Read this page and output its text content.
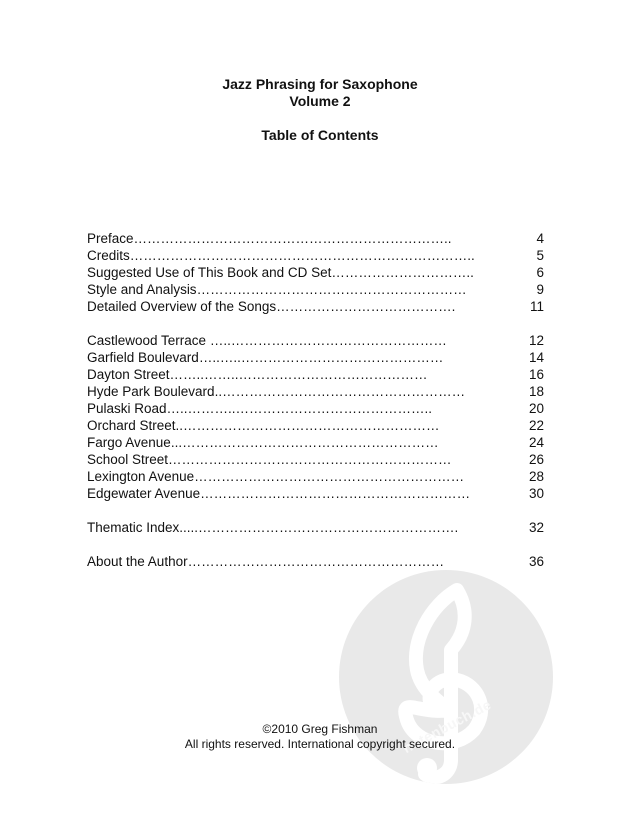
notenbuch.de
Jazz Phrasing for Saxophone
Volume 2
Table of Contents
Preface……………………………………………………………..	4
Credits…………………………………………………………………..	5
Suggested Use of This Book and CD Set…………………………..	6
Style and Analysis……………………………………………………	9
Detailed Overview of the Songs………………………………….	11
Castlewood Terrace …..…………………………………………	12
Garfield Boulevard…..…..………………………………………	14
Dayton Street……..……..……………………………………	16
Hyde Park Boulevard..………………………………………………	18
Pulaski Road…..………..……………………………………..	20
Orchard Street..…………………………………………………	22
Fargo Avenue...…………………………………………………	24
School Street………………………………………………………	26
Lexington Avenue……………………………………………………	28
Edgewater Avenue……………………………………………………	30
Thematic Index.....………………………………………………….	32
About the Author…………………………………………………	36
©2010 Greg Fishman
All rights reserved. International copyright secured.
